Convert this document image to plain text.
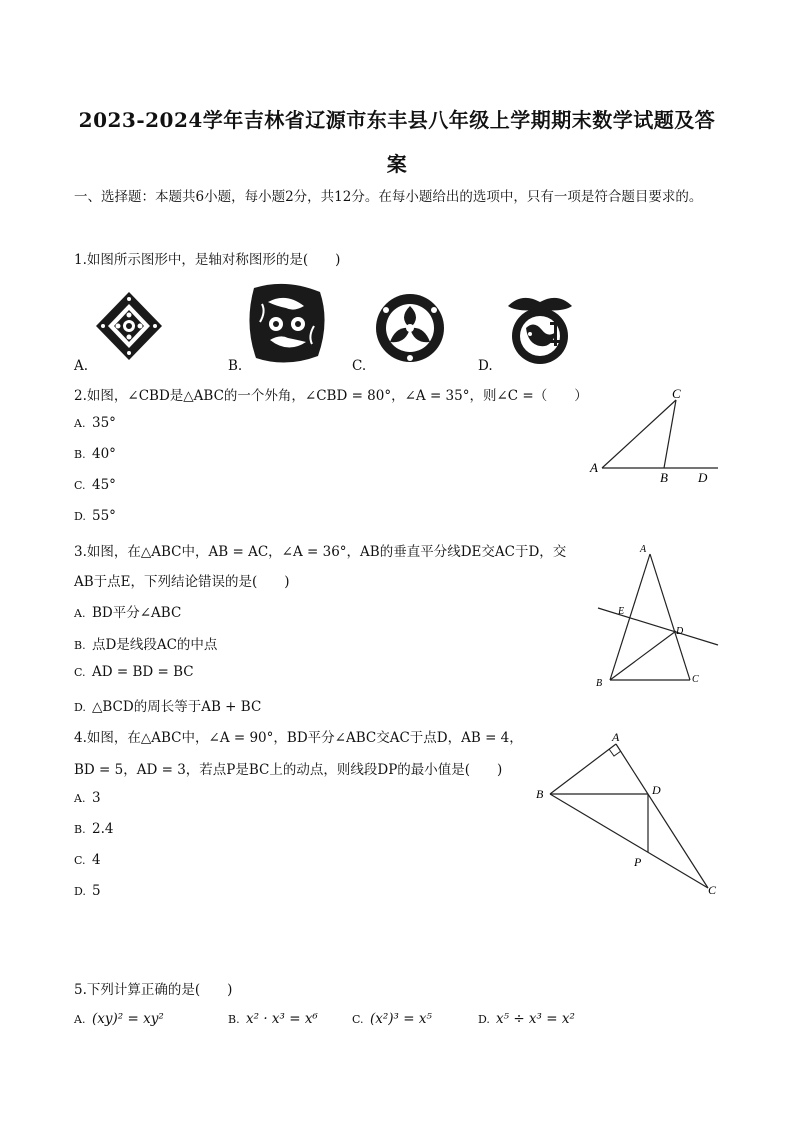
2023-2024学年吉林省辽源市东丰县八年级上学期期末数学试题及答
案
一、选择题：本题共6小题，每小题2分，共12分。在每小题给出的选项中，只有一项是符合题目要求的。
1.如图所示图形中，是轴对称图形的是(　　)
A.	B.	C.	D.
2.如图，∠CBD是△ABC的一个外角，∠CBD = 80°，∠A = 35°，则∠C =（　　）
A. 35°
B. 40°
C. 45°
D. 55°
A
C
B D
3.如图，在△ABC中，AB = AC，∠A = 36°，AB的垂直平分线DE交AC于D，交
AB于点E，下列结论错误的是(　　)
A. BD平分∠ABC
B. 点D是线段AC的中点
C. AD = BD = BC
D. △BCD的周长等于AB + BC
A
E
D
B	C
4.如图，在△ABC中，∠A = 90°，BD平分∠ABC交AC于点D，AB = 4，
BD = 5，AD = 3，若点P是BC上的动点，则线段DP的最小值是(　　)
A. 3
B. 2.4
C. 4
D. 5
A
B	D
P
C
5.下列计算正确的是(　　)
A. (xy)² = xy²	B. x² · x³ = x⁶	C. (x²)³ = x⁵	D. x⁵ ÷ x³ = x²
